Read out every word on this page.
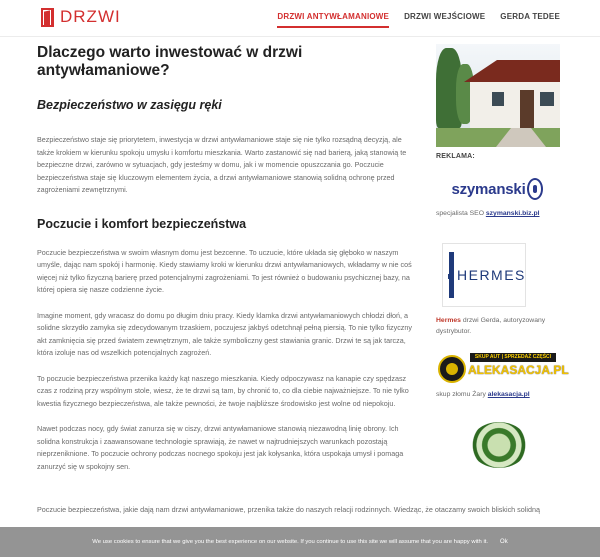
DRZWI	DRZWI ANTYWŁAMANIOWE DRZWI WEJŚCIOWE GERDA TEDEE
Dlaczego warto inwestować w drzwi antywłamaniowe?
Bezpieczeństwo w zasięgu ręki

Bezpieczeństwo staje się priorytetem, inwestycja w drzwi antywłamaniowe staje się nie tylko rozsądną decyzją, ale także krokiem w kierunku spokoju umysłu i komfortu mieszkania. Warto zastanowić się nad barierą, jaką stanowią te bezpieczne drzwi, zarówno w sytuacjach, gdy jesteśmy w domu, jak i w momencie opuszczania go. Poczucie bezpieczeństwa staje się kluczowym elementem życia, a drzwi antywłamaniowe stanowią solidną ochronę przed zagrożeniami zewnętrznymi.

Poczucie i komfort bezpieczeństwa

Poczucie bezpieczeństwa w swoim własnym domu jest bezcenne. To uczucie, które układa się głęboko w naszym umyśle, dając nam spokój i harmonię. Kiedy stawiamy kroki w kierunku drzwi antywłamaniowych, wkładamy w nie coś więcej niż tylko fizyczną barierę przed potencjalnymi zagrożeniami. To jest również o budowaniu psychicznej bazy, na której opiera się nasze codzienne życie.

Imagine moment, gdy wracasz do domu po długim dniu pracy. Kiedy klamka drzwi antywłamaniowych chłodzi dłoń, a solidne skrzydło zamyka się zdecydowanym trzaskiem, poczujesz jakbyś odetchnął pełną piersią. To nie tylko fizyczny akt zamknięcia się przed światem zewnętrznym, ale także symboliczny gest stawiania granic. Drzwi te są jak tarcza, która izoluje nas od wszelkich potencjalnych zagrożeń.

To poczucie bezpieczeństwa przenika każdy kąt naszego mieszkania. Kiedy odpoczywasz na kanapie czy spędzasz czas z rodziną przy wspólnym stole, wiesz, że te drzwi są tam, by chronić to, co dla ciebie najważniejsze. To nie tylko kwestia fizycznego bezpieczeństwa, ale także pewności, że twoje najbliższe środowisko jest wolne od niepokoju.

Nawet podczas nocy, gdy świat zanurza się w ciszy, drzwi antywłamaniowe stanowią niezawodną linię obrony. Ich solidna konstrukcja i zaawansowane technologie sprawiają, że nawet w najtrudniejszych warunkach pozostają nieprzeniknione. To poczucie ochrony podczas nocnego spokoju jest jak kołysanka, która uspokaja umysł i pomaga zanurzyć się w spokojny sen.

Poczucie bezpieczeństwa, jakie dają nam drzwi antywłamaniowe, przenika także do naszych relacji rodzinnych. Wiedząc, że otaczamy swoich bliskich solidną
REKLAMA:
szymanski
specjalista SEO szymanski.biz.pl
HERMES
Hermes drzwi Gerda, autoryzowany dystrybutor.
SKUP AUT | SPRZEDAŻ CZĘŚCI
ALEKASACJA.PL
skup złomu Żary alekasacja.pl
We use cookies to ensure that we give you the best experience on our website. If you continue to use this site we will assume that you are happy with it. Ok
